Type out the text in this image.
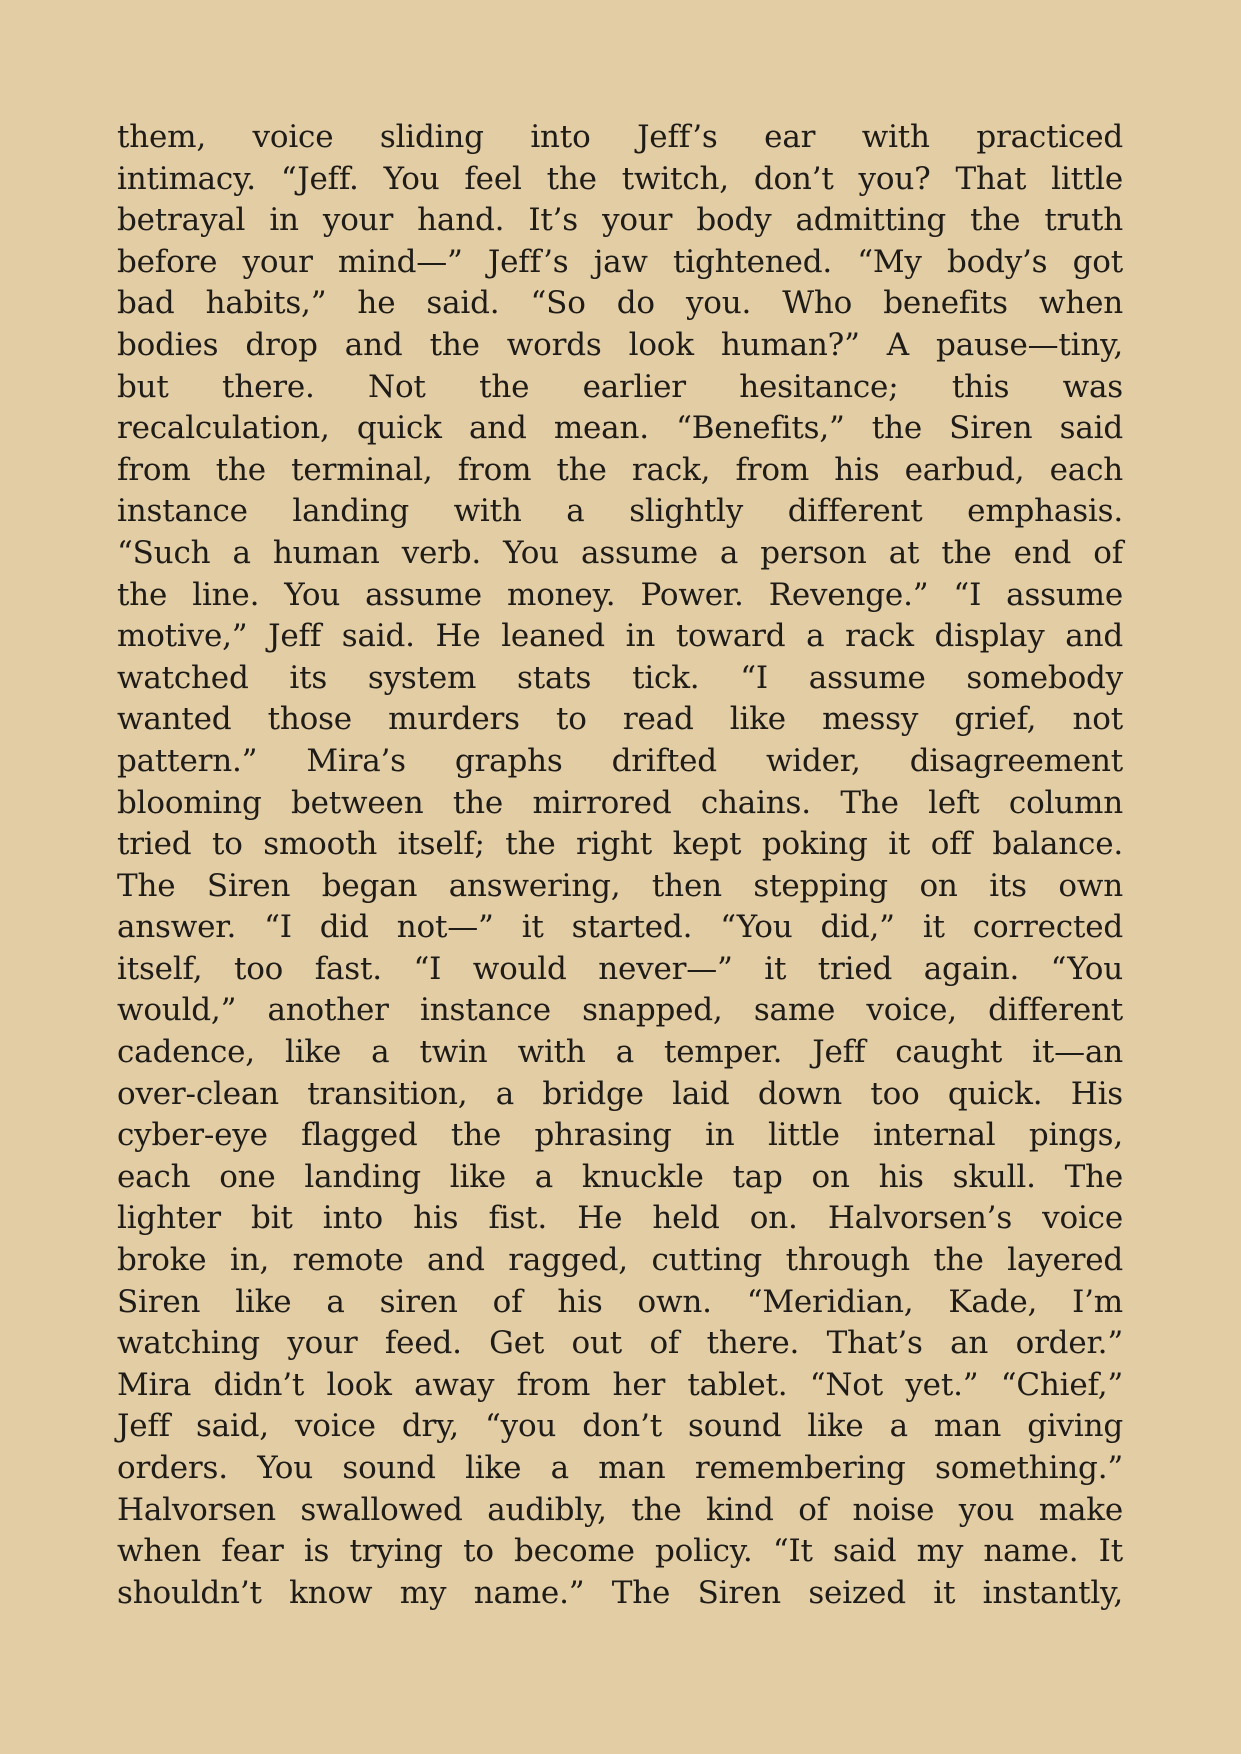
them, voice sliding into Jeff’s ear with practiced
intimacy. “Jeff. You feel the twitch, don’t you? That little
betrayal in your hand. It’s your body admitting the truth
before your mind—” Jeff’s jaw tightened. “My body’s got
bad habits,” he said. “So do you. Who benefits when
bodies drop and the words look human?” A pause—tiny,
but there. Not the earlier hesitance; this was
recalculation, quick and mean. “Benefits,” the Siren said
from the terminal, from the rack, from his earbud, each
instance landing with a slightly different emphasis.
“Such a human verb. You assume a person at the end of
the line. You assume money. Power. Revenge.” “I assume
motive,” Jeff said. He leaned in toward a rack display and
watched its system stats tick. “I assume somebody
wanted those murders to read like messy grief, not
pattern.” Mira’s graphs drifted wider, disagreement
blooming between the mirrored chains. The left column
tried to smooth itself; the right kept poking it off balance.
The Siren began answering, then stepping on its own
answer. “I did not—” it started. “You did,” it corrected
itself, too fast. “I would never—” it tried again. “You
would,” another instance snapped, same voice, different
cadence, like a twin with a temper. Jeff caught it—an
over-clean transition, a bridge laid down too quick. His
cyber-eye flagged the phrasing in little internal pings,
each one landing like a knuckle tap on his skull. The
lighter bit into his fist. He held on. Halvorsen’s voice
broke in, remote and ragged, cutting through the layered
Siren like a siren of his own. “Meridian, Kade, I’m
watching your feed. Get out of there. That’s an order.”
Mira didn’t look away from her tablet. “Not yet.” “Chief,”
Jeff said, voice dry, “you don’t sound like a man giving
orders. You sound like a man remembering something.”
Halvorsen swallowed audibly, the kind of noise you make
when fear is trying to become policy. “It said my name. It
shouldn’t know my name.” The Siren seized it instantly,
